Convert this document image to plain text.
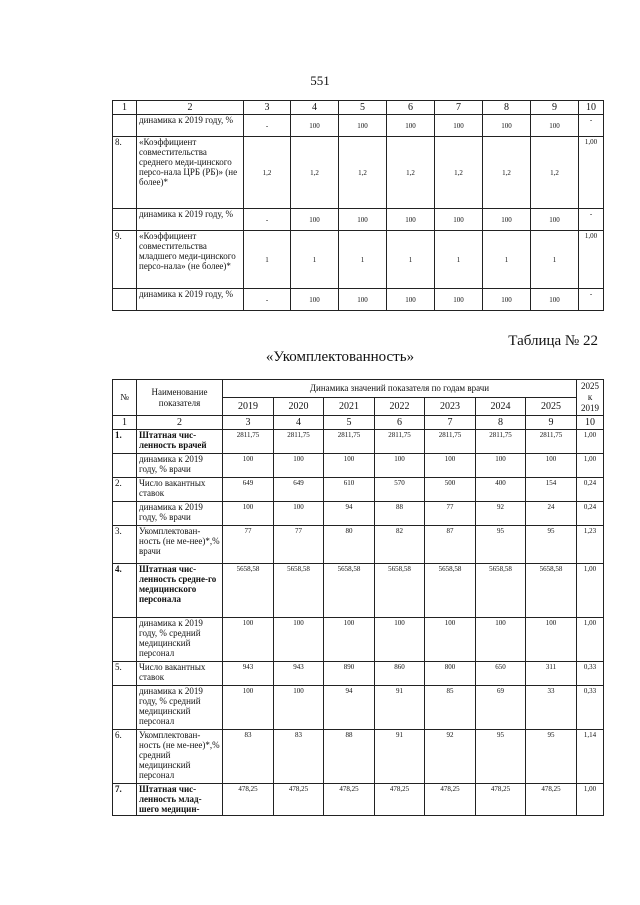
551
1	2	3	4	5	6	7	8	9	10
	динамика к 2019 году, %	-	100	100	100	100	100	100	-
8.	«Коэффициент совместительства среднего меди-цинского персо-нала ЦРБ (РБ)» (не более)*	1,2	1,2	1,2	1,2	1,2	1,2	1,2	1,00
	динамика к 2019 году, %	-	100	100	100	100	100	100	-
9.	«Коэффициент совместительства младшего меди-цинского персо-нала» (не более)*	1	1	1	1	1	1	1	1,00
	динамика к 2019 году, %	-	100	100	100	100	100	100	-
Таблица № 22
«Укомплектованность»
№	Наименование показателя	Динамика значений показателя по годам врачи							2025 к 2019
		2019	2020	2021	2022	2023	2024	2025	
1	2	3	4	5	6	7	8	9	10
1.	Штатная чис-ленность врачей	2811,75	2811,75	2811,75	2811,75	2811,75	2811,75	2811,75	1,00
	динамика к 2019 году, % врачи	100	100	100	100	100	100	100	1,00
2.	Число вакантных ставок	649	649	610	570	500	400	154	0,24
	динамика к 2019 году, % врачи	100	100	94	88	77	92	24	0,24
3.	Укомплектован-ность (не ме-нее)*,% врачи	77	77	80	82	87	95	95	1,23
4.	Штатная чис-ленность средне-го медицинского персонала	5658,58	5658,58	5658,58	5658,58	5658,58	5658,58	5658,58	1,00
	динамика к 2019 году, % средний медицинский персонал	100	100	100	100	100	100	100	1,00
5.	Число вакантных ставок	943	943	890	860	800	650	311	0,33
	динамика к 2019 году, % средний медицинский персонал	100	100	94	91	85	69	33	0,33
6.	Укомплектован-ность (не ме-нее)*,% средний медицинский персонал	83	83	88	91	92	95	95	1,14
7.	Штатная чис-ленность млад-шего медицин-	478,25	478,25	478,25	478,25	478,25	478,25	478,25	1,00
